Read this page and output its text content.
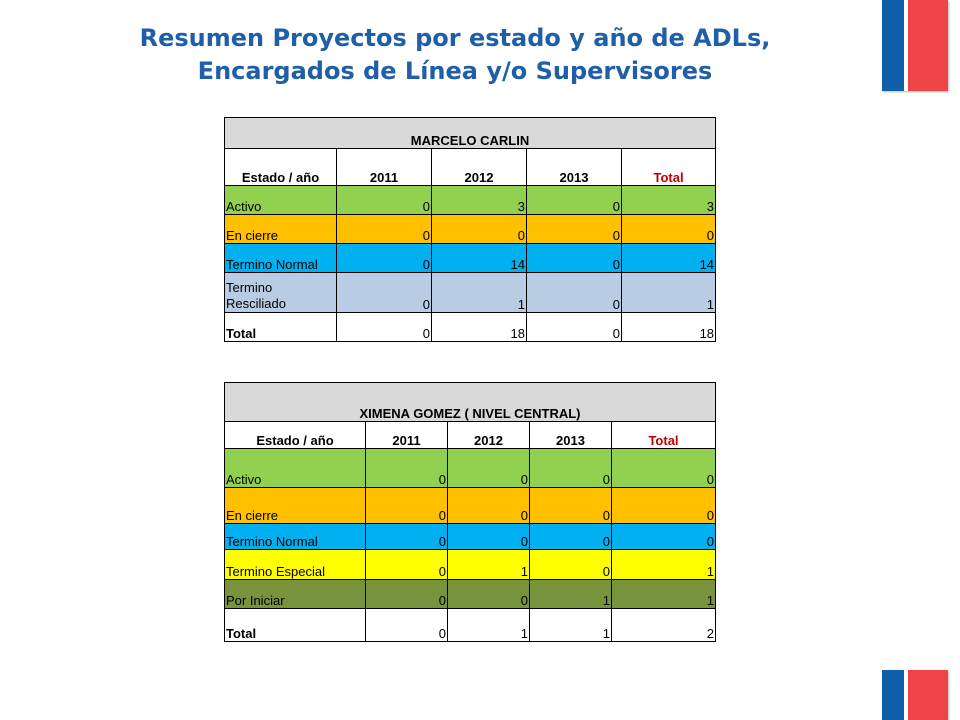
Resumen Proyectos por estado y año de ADLs,
Encargados de Línea y/o Supervisores
MARCELO CARLIN				
Estado / año	2011	2012	2013	Total
Activo	0	3	0	3
En cierre	0	0	0	0
Termino Normal	0	14	0	14
Termino Resciliado	0	1	0	1
Total	0	18	0	18
XIMENA GOMEZ ( NIVEL CENTRAL)				
Estado / año	2011	2012	2013	Total
Activo	0	0	0	0
En cierre	0	0	0	0
Termino Normal	0	0	0	0
Termino Especial	0	1	0	1
Por Iniciar	0	0	1	1
Total	0	1	1	2
